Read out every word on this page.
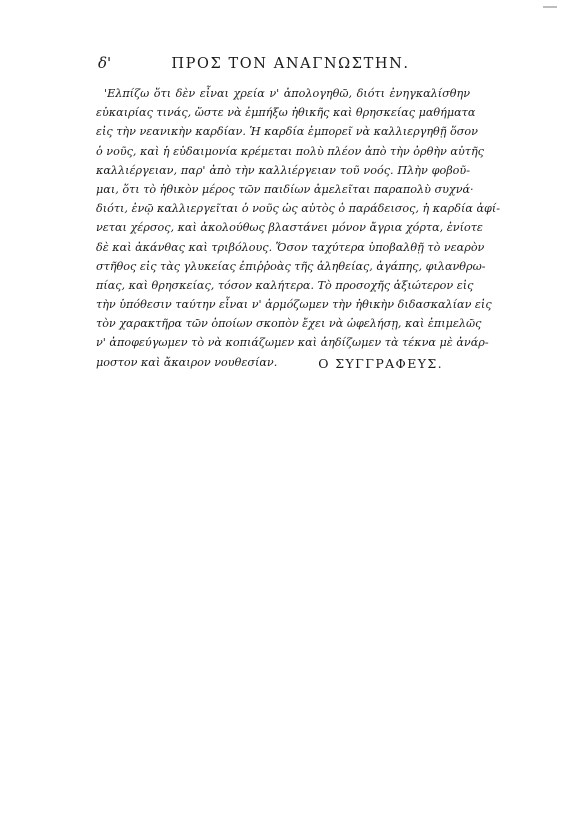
δ'	ΠΡΟΣ ΤΟΝ ΑΝΑΓΝΩΣΤΗΝ.
'Ελπίζω ὅτι δὲν εἶναι χρεία ν' ἀπολογηθῶ, διότι ἐνηγκαλίσθην
εὐκαιρίας τινάς, ὥστε νὰ ἐμπήξω ἠθικῆς καὶ θρησκείας μαθήματα
εἰς τὴν νεανικὴν καρδίαν. Ἡ καρδία ἐμπορεῖ νὰ καλλιεργηθῇ ὅσον
ὁ νοῦς, καὶ ἡ εὐδαιμονία κρέμεται πολὺ πλέον ἀπὸ τὴν ὀρθὴν αὐτῆς
καλλιέργειαν, παρ' ἀπὸ τὴν καλλιέργειαν τοῦ νοός. Πλὴν φοβοῦ-
μαι, ὅτι τὸ ἠθικὸν μέρος τῶν παιδίων ἀμελεῖται παραπολὺ συχνά·
διότι, ἐνῷ καλλιεργεῖται ὁ νοῦς ὡς αὐτὸς ὁ παράδεισος, ἡ καρδία ἀφί-
νεται χέρσος, καὶ ἀκολούθως βλαστάνει μόνον ἄγρια χόρτα, ἐνίοτε
δὲ καὶ ἀκάνθας καὶ τριβόλους. Ὅσον ταχύτερα ὑποβαλθῇ τὸ νεαρὸν
στῆθος εἰς τὰς γλυκείας ἐπιῤῥοὰς τῆς ἀληθείας, ἀγάπης, φιλανθρω-
πίας, καὶ θρησκείας, τόσον καλήτερα. Τὸ προσοχῆς ἀξιώτερον εἰς
τὴν ὑπόθεσιν ταύτην εἶναι ν' ἁρμόζωμεν τὴν ἠθικὴν διδασκαλίαν εἰς
τὸν χαρακτῆρα τῶν ὁποίων σκοπὸν ἔχει νὰ ὠφελήσῃ, καὶ ἐπιμελῶς
ν' ἀποφεύγωμεν τὸ νὰ κοπιάζωμεν καὶ ἀηδίζωμεν τὰ τέκνα μὲ ἀνάρ-
μοστον καὶ ἄκαιρον νουθεσίαν.	Ο ΣΥΓΓΡΑΦΕΥΣ.
